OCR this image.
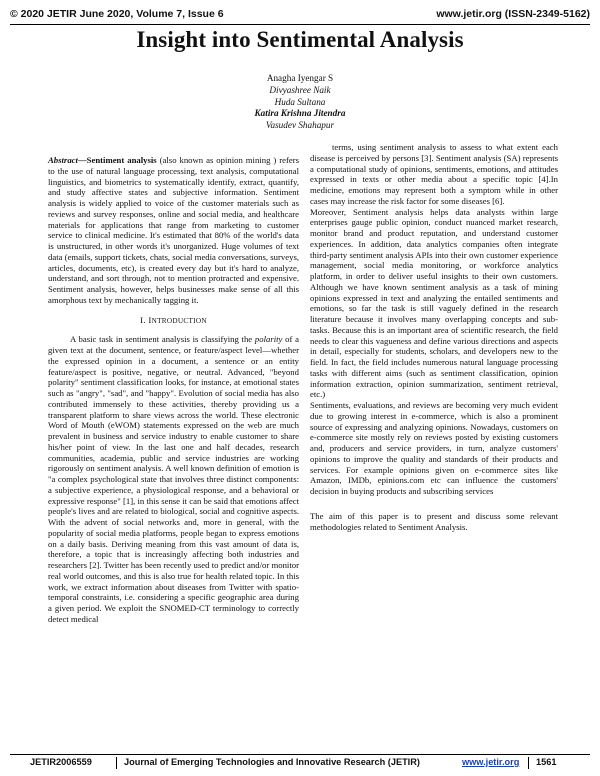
© 2020 JETIR June 2020, Volume 7, Issue 6	www.jetir.org (ISSN-2349-5162)
Insight into Sentimental Analysis
Anagha Iyengar S
Divyashree Naik
Huda Sultana
Katira Krishna Jitendra
Vasudev Shahapur

Abstract—Sentiment analysis (also known as opinion mining ) refers to the use of natural language processing, text analysis, computational linguistics, and biometrics to systematically identify, extract, quantify, and study affective states and subjective information. Sentiment analysis is widely applied to voice of the customer materials such as reviews and survey responses, online and social media, and healthcare materials for applications that range from marketing to customer service to clinical medicine. It's estimated that 80% of the world's data is unstructured, in other words it's unorganized. Huge volumes of text data (emails, support tickets, chats, social media conversations, surveys, articles, documents, etc), is created every day but it's hard to analyze, understand, and sort through, not to mention protracted and expensive. Sentiment analysis, however, helps businesses make sense of all this amorphous text by mechanically tagging it.

I. INTRODUCTION

A basic task in sentiment analysis is classifying the polarity of a given text at the document, sentence, or feature/aspect level—whether the expressed opinion in a document, a sentence or an entity feature/aspect is positive, negative, or neutral. Advanced, "beyond polarity" sentiment classification looks, for instance, at emotional states such as "angry", "sad", and "happy". Evolution of social media has also contributed immensely to these activities, thereby providing us a transparent platform to share views across the world. These electronic Word of Mouth (eWOM) statements expressed on the web are much prevalent in business and service industry to enable customer to share his/her point of view. In the last one and half decades, research communities, academia, public and service industries are working rigorously on sentiment analysis. A well known definition of emotion is "a complex psychological state that involves three distinct components: a subjective experience, a physiological response, and a behavioral or expressive response" [1], in this sense it can be said that emotions affect people's lives and are related to biological, social and cognitive aspects. With the advent of social networks and, more in general, with the popularity of social media platforms, people began to express emotions on a daily basis. Deriving meaning from this vast amount of data is, therefore, a topic that is increasingly affecting both industries and researchers [2]. Twitter has been recently used to predict and/or monitor real world outcomes, and this is also true for health related topic. In this work, we extract information about diseases from Twitter with spatio-temporal constraints, i.e. considering a specific geographic area during a given period. We exploit the SNOMED-CT terminology to correctly detect medical

terms, using sentiment analysis to assess to what extent each disease is perceived by persons [3]. Sentiment analysis (SA) represents a computational study of opinions, sentiments, emotions, and attitudes expressed in texts or other media about a specific topic [4].In medicine, emotions may represent both a symptom while in other cases may increase the risk factor for some diseases [6].

Moreover, Sentiment analysis helps data analysts within large enterprises gauge public opinion, conduct nuanced market research, monitor brand and product reputation, and understand customer experiences. In addition, data analytics companies often integrate third-party sentiment analysis APIs into their own customer experience management, social media monitoring, or workforce analytics platform, in order to deliver useful insights to their own customers. Although we have known sentiment analysis as a task of mining opinions expressed in text and analyzing the entailed sentiments and emotions, so far the task is still vaguely defined in the research literature because it involves many overlapping concepts and sub-tasks. Because this is an important area of scientific research, the field needs to clear this vagueness and define various directions and aspects in detail, especially for students, scholars, and developers new to the field. In fact, the field includes numerous natural language processing tasks with different aims (such as sentiment classification, opinion information extraction, opinion summarization, sentiment retrieval, etc.)

Sentiments, evaluations, and reviews are becoming very much evident due to growing interest in e-commerce, which is also a prominent source of expressing and analyzing opinions. Nowadays, customers on e-commerce site mostly rely on reviews posted by existing customers and, producers and service providers, in turn, analyze customers' opinions to improve the quality and standards of their products and services. For example opinions given on e-commerce sites like Amazon, IMDb, epinions.com etc can influence the customers' decision in buying products and subscribing services

The aim of this paper is to present and discuss some relevant methodologies related to Sentiment Analysis.

JETIR2006559	Journal of Emerging Technologies and Innovative Research (JETIR)	www.jetir.org 1561
